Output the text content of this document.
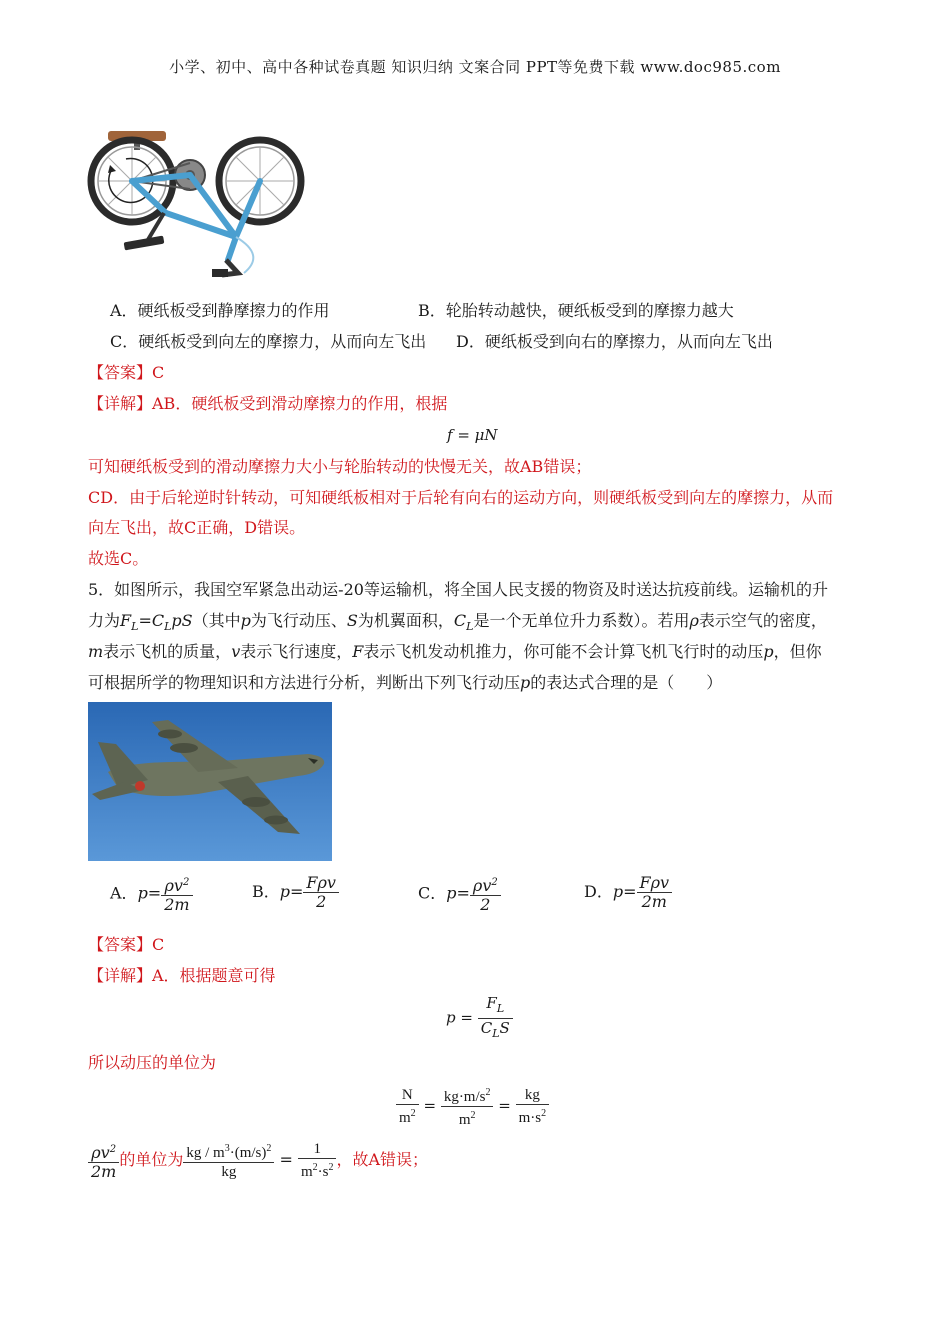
小学、初中、高中各种试卷真题 知识归纳 文案合同 PPT等免费下载 www.doc985.com
A．硬纸板受到静摩擦力的作用	B．轮胎转动越快，硬纸板受到的摩擦力越大
C．硬纸板受到向左的摩擦力，从而向左飞出 D．硬纸板受到向右的摩擦力，从而向左飞出
【答案】C
【详解】AB．硬纸板受到滑动摩擦力的作用，根据
f = μN
可知硬纸板受到的滑动摩擦力大小与轮胎转动的快慢无关，故AB错误；
CD．由于后轮逆时针转动，可知硬纸板相对于后轮有向右的运动方向，则硬纸板受到向左的摩擦力，从而
向左飞出，故C正确，D错误。
故选C。
5．如图所示，我国空军紧急出动运-20等运输机，将全国人民支援的物资及时送达抗疫前线。运输机的升
力为$F_L=C_LpS$（其中p为飞行动压、S为机翼面积，$C_L$是一个无单位升力系数）。若用ρ表示空气的密度，
m表示飞机的质量，v表示飞行速度，F表示飞机发动机推力，你可能不会计算飞机飞行时的动压p，但你
可根据所学的物理知识和方法进行分析，判断出下列飞行动压p的表达式合理的是（　　）
A．$p= \frac{\rho v^2}{2m}$	B．$p= \frac{\text{Fρv}}{2}$	C．$p= \frac{\rho v^2}{2}$	D．$p= \frac{\text{Fρv}}{2m}$
【答案】C
【详解】A．根据题意可得
$p = \frac{F_L}{C_LS}$
所以动压的单位为
$\frac{N}{m^2} = \frac{kg\cdot m/s^2}{m^2} = \frac{kg}{m\cdot s^2}$
$\frac{\rho v^2}{2m}$ 的单位为 $\frac{kg / m^3\cdot(m/s)^2}{kg} = \frac{1}{m^2\cdot s^2}$ ，故A错误；
